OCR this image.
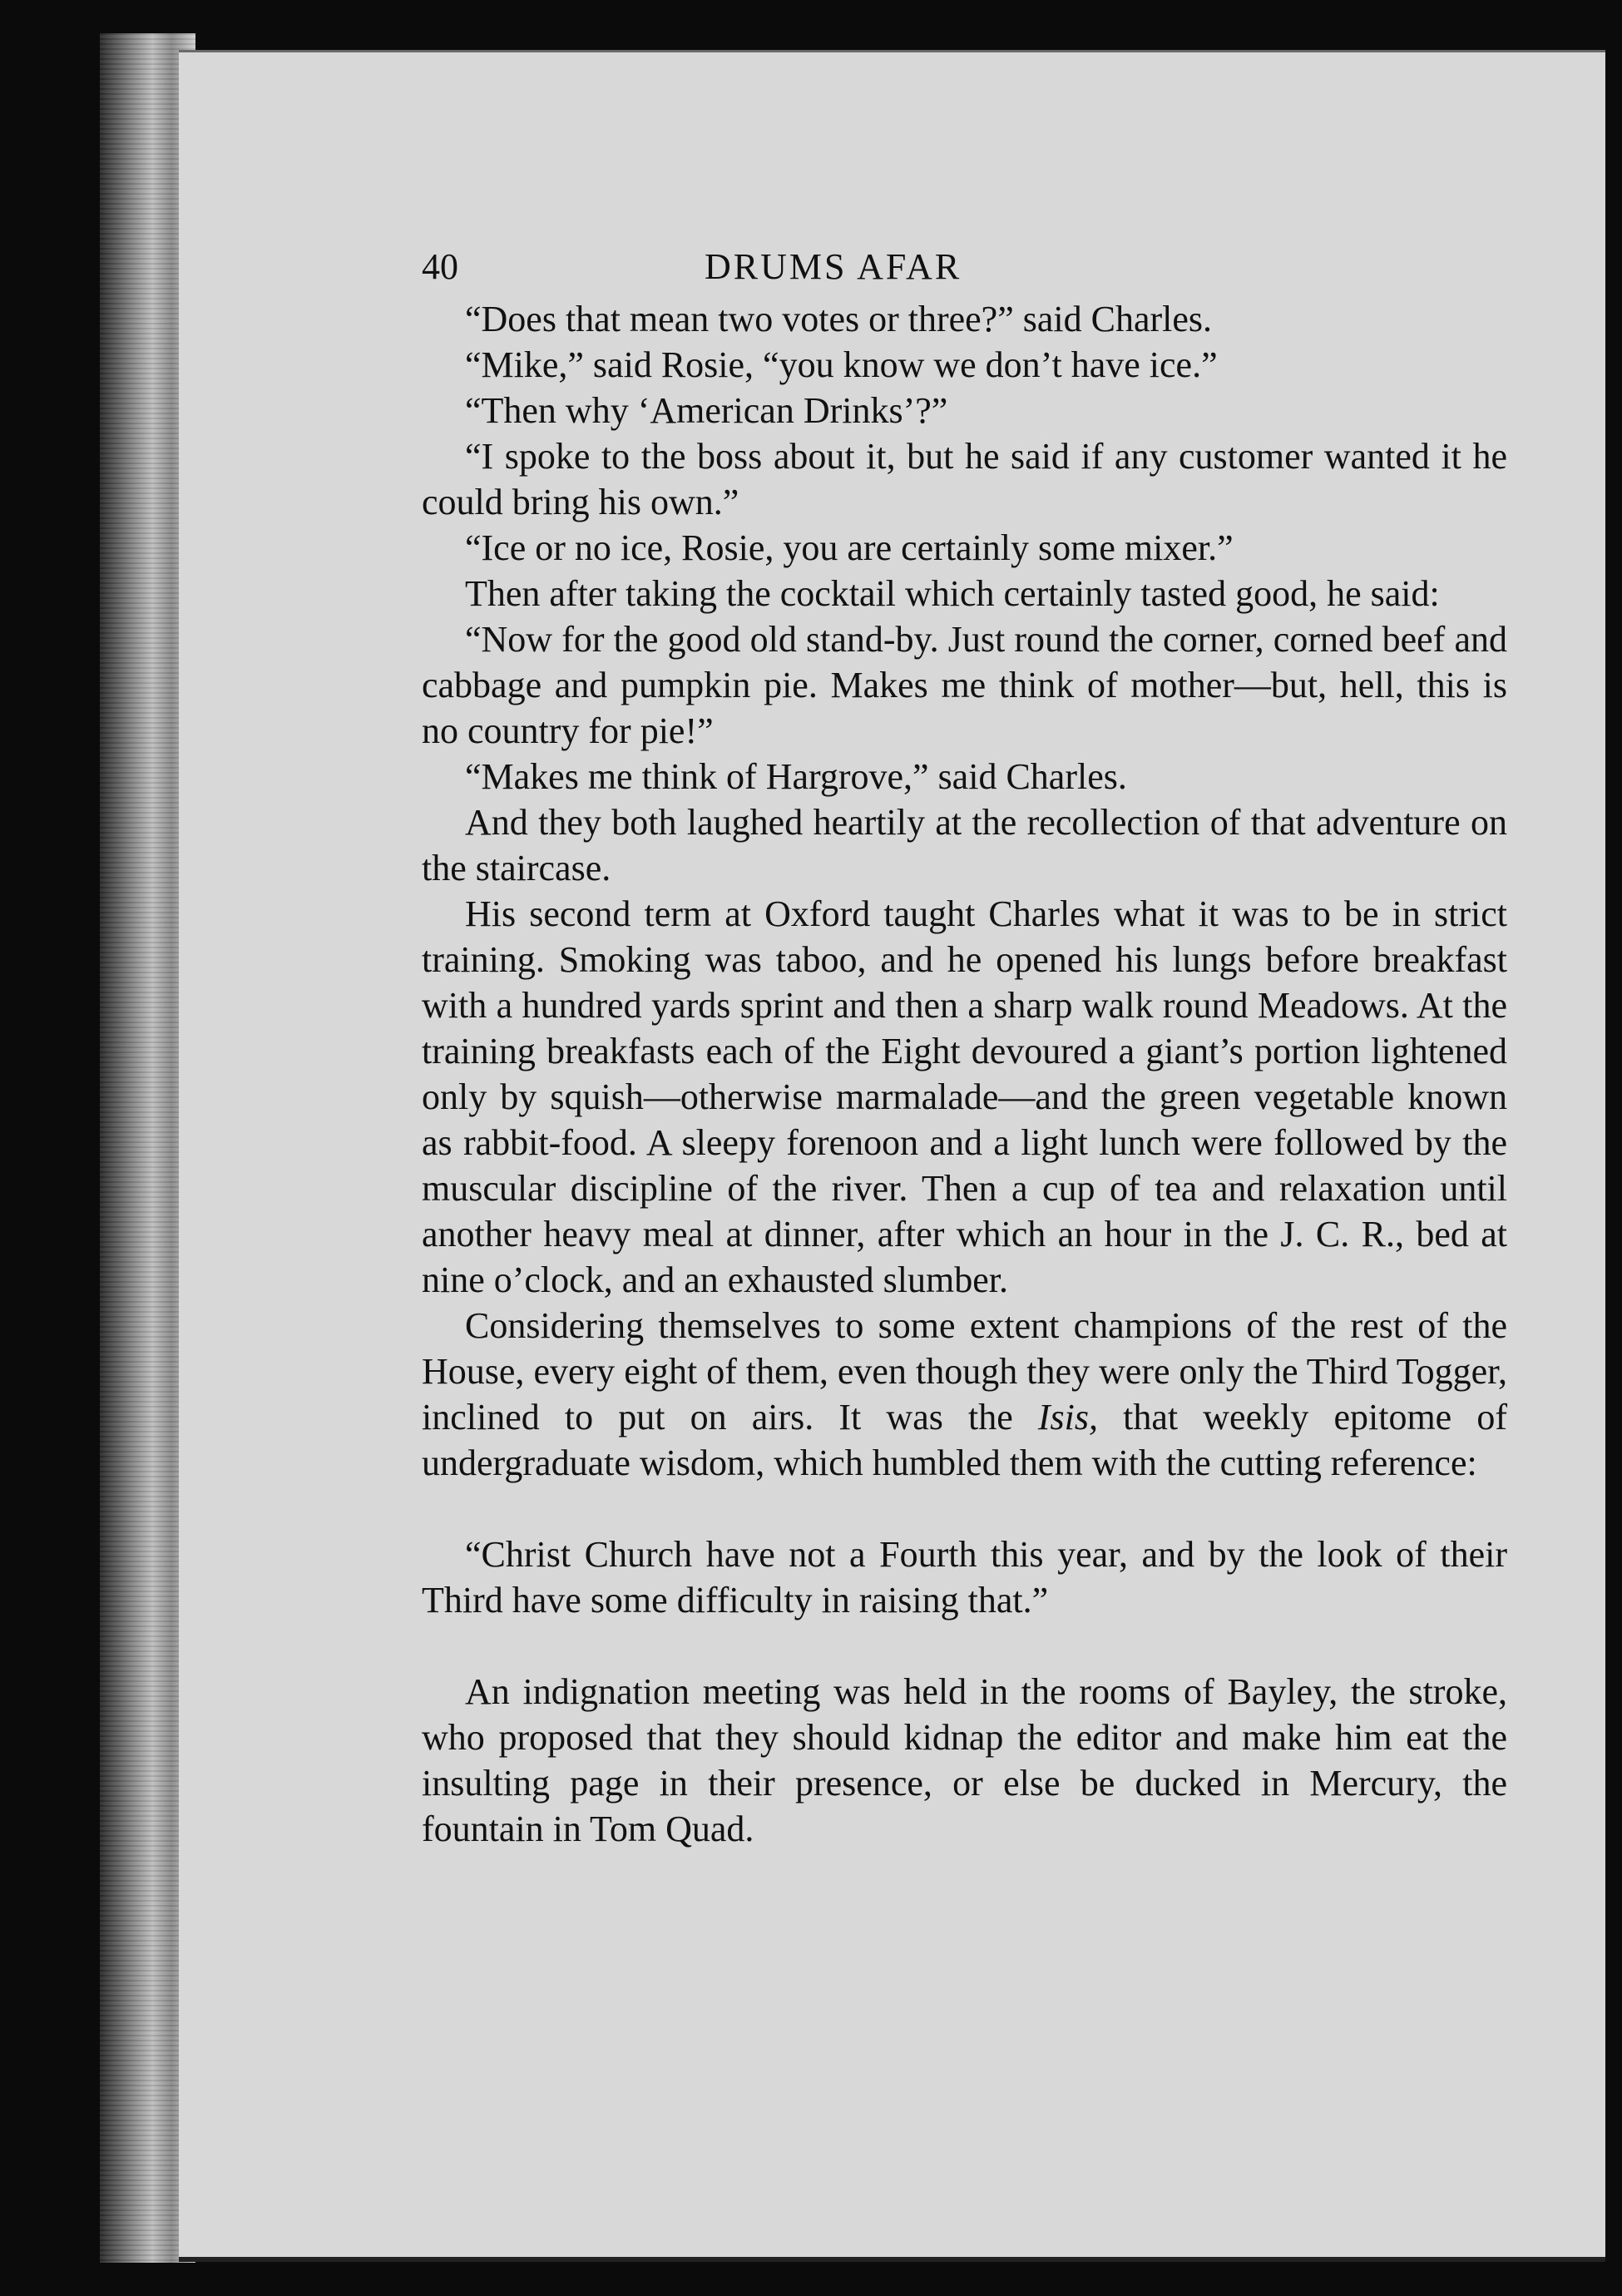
40	DRUMS AFAR

“Does that mean two votes or three?” said Charles.

“Mike,” said Rosie, “you know we don’t have ice.”

“Then why ‘American Drinks’?”

“I spoke to the boss about it, but he said if any customer wanted it he could bring his own.”

“Ice or no ice, Rosie, you are certainly some mixer.”

Then after taking the cocktail which certainly tasted good, he said:

“Now for the good old stand-by. Just round the corner, corned beef and cabbage and pumpkin pie. Makes me think of mother—but, hell, this is no country for pie!”

“Makes me think of Hargrove,” said Charles.

And they both laughed heartily at the recollection of that adventure on the staircase.

His second term at Oxford taught Charles what it was to be in strict training. Smoking was taboo, and he opened his lungs before breakfast with a hundred yards sprint and then a sharp walk round Meadows. At the training breakfasts each of the Eight devoured a giant’s portion lightened only by squish—otherwise marmalade—and the green vegetable known as rabbit-food. A sleepy forenoon and a light lunch were followed by the muscular discipline of the river. Then a cup of tea and relaxation until another heavy meal at dinner, after which an hour in the J. C. R., bed at nine o’clock, and an exhausted slumber.

Considering themselves to some extent champions of the rest of the House, every eight of them, even though they were only the Third Togger, inclined to put on airs. It was the Isis, that weekly epitome of undergraduate wisdom, which humbled them with the cutting reference:

“Christ Church have not a Fourth this year, and by the look of their Third have some difficulty in raising that.”

An indignation meeting was held in the rooms of Bayley, the stroke, who proposed that they should kidnap the editor and make him eat the insulting page in their presence, or else be ducked in Mercury, the fountain in Tom Quad.
